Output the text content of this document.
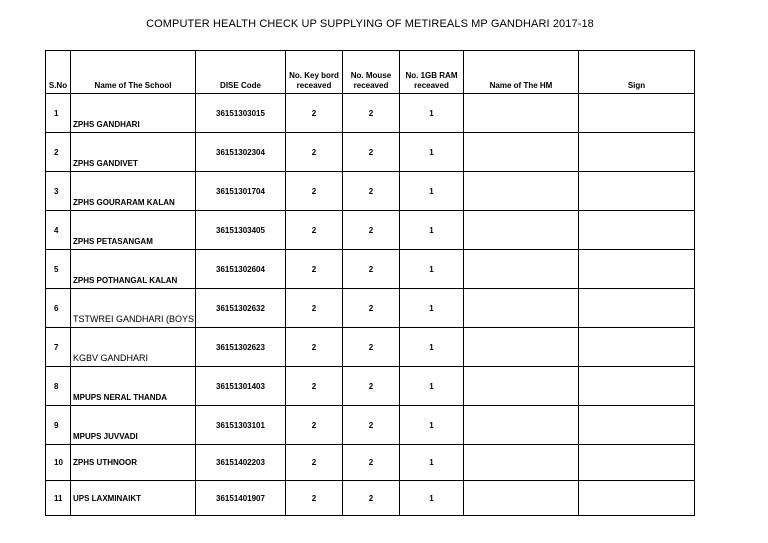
COMPUTER HEALTH CHECK UP SUPPLYING OF METIREALS MP GANDHARI 2017-18
S.No	Name of The School	DISE Code	No. Key bord receaved	No. Mouse receaved	No. 1GB RAM receaved	Name of The HM	Sign
1	ZPHS GANDHARI	36151303015	2	2	1		
2	ZPHS GANDIVET	36151302304	2	2	1		
3	ZPHS GOURARAM KALAN	36151301704	2	2	1		
4	ZPHS PETASANGAM	36151303405	2	2	1		
5	ZPHS POTHANGAL KALAN	36151302604	2	2	1		
6	TSTWREI GANDHARI (BOYS	36151302632	2	2	1		
7	KGBV GANDHARI	36151302623	2	2	1		
8	MPUPS NERAL THANDA	36151301403	2	2	1		
9	MPUPS JUVVADI	36151303101	2	2	1		
10	ZPHS UTHNOOR	36151402203	2	2	1		
11	UPS LAXMINAIKT	36151401907	2	2	1		
